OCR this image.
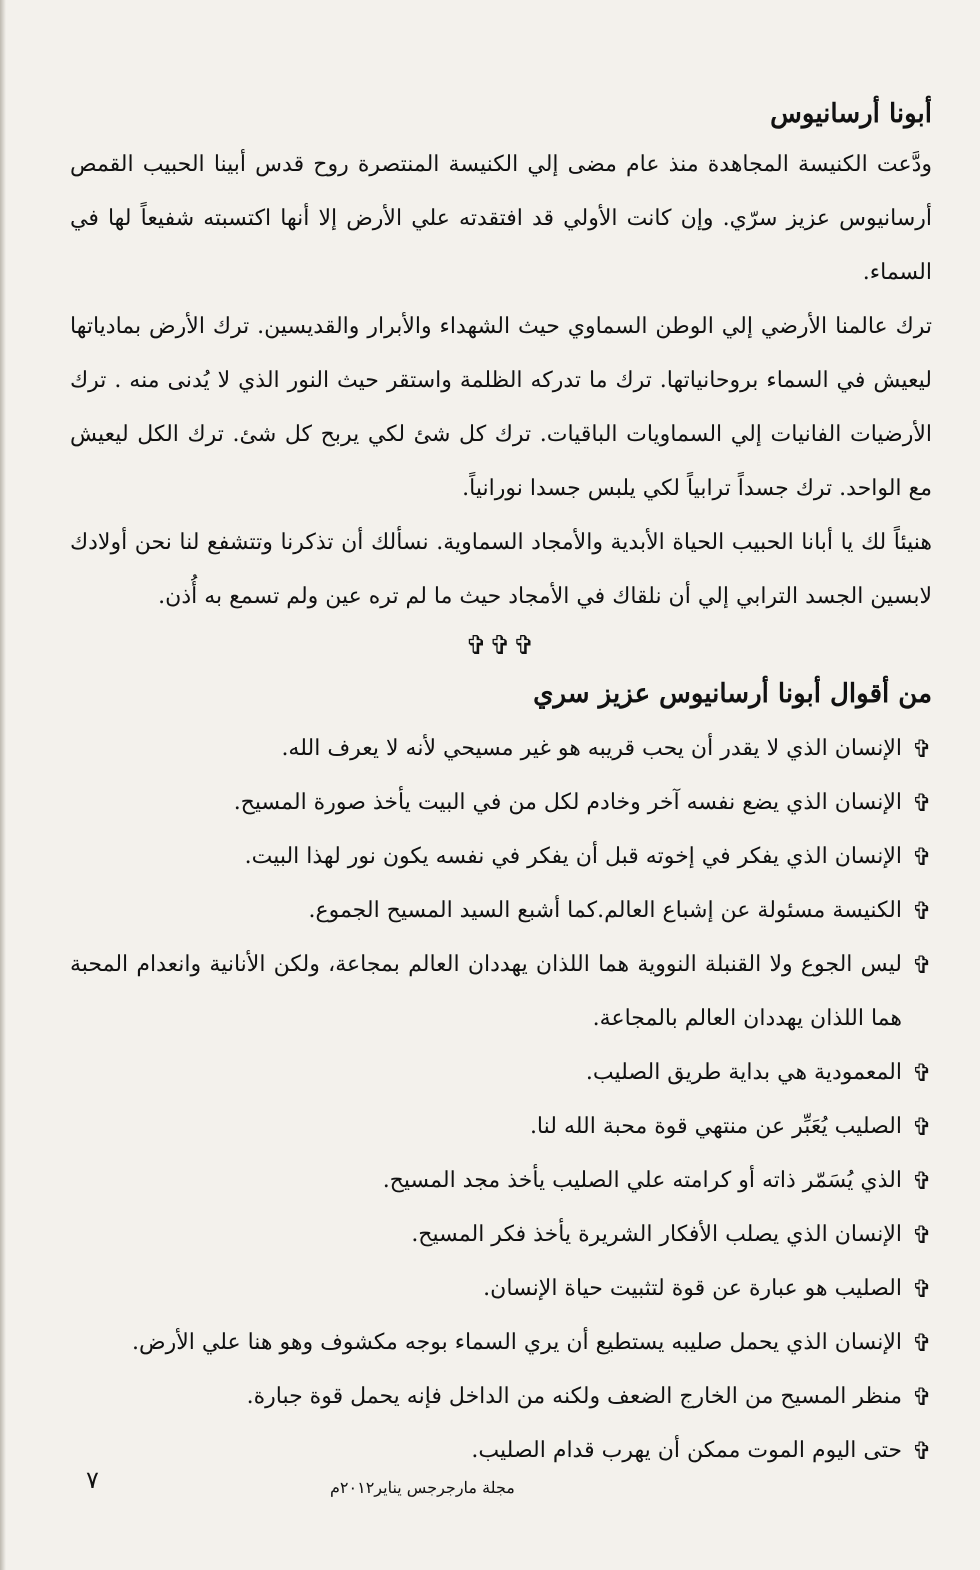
أبونا أرسانيوس

ودَّعت الكنيسة المجاهدة منذ عام مضى إلي الكنيسة المنتصرة روح قدس أبينا الحبيب القمص أرسانيوس عزيز سرّي. وإن كانت الأولي قد افتقدته علي الأرض إلا أنها اكتسبته شفيعاً لها في السماء.

ترك عالمنا الأرضي إلي الوطن السماوي حيث الشهداء والأبرار والقديسين. ترك الأرض بمادياتها ليعيش في السماء بروحانياتها. ترك ما تدركه الظلمة واستقر حيث النور الذي لا يُدنى منه . ترك الأرضيات الفانيات إلي السماويات الباقيات. ترك كل شئ لكي يربح كل شئ. ترك الكل ليعيش مع الواحد. ترك جسداً ترابياً لكي يلبس جسدا نورانياً.

هنيئاً لك يا أبانا الحبيب الحياة الأبدية والأمجاد السماوية. نسألك أن تذكرنا وتتشفع لنا نحن أولادك لابسين الجسد الترابي إلي أن نلقاك في الأمجاد حيث ما لم تره عين ولم تسمع به أُذن.

✞✞✞
من أقوال أبونا أرسانيوس عزيز سري
✞
الإنسان الذي لا يقدر أن يحب قريبه هو غير مسيحي لأنه لا يعرف الله.
✞
الإنسان الذي يضع نفسه آخر وخادم لكل من في البيت يأخذ صورة المسيح.
✞
الإنسان الذي يفكر في إخوته قبل أن يفكر في نفسه يكون نور لهذا البيت.
✞
الكنيسة مسئولة عن إشباع العالم.كما أشبع السيد المسيح الجموع.
✞
ليس الجوع ولا القنبلة النووية هما اللذان يهددان العالم بمجاعة، ولكن الأنانية وانعدام المحبة هما اللذان يهددان العالم بالمجاعة.
✞
المعمودية هي بداية طريق الصليب.
✞
الصليب يُعَبِّر عن منتهي قوة محبة الله لنا.
✞
الذي يُسَمّر ذاته أو كرامته علي الصليب يأخذ مجد المسيح.
✞
الإنسان الذي يصلب الأفكار الشريرة يأخذ فكر المسيح.
✞
الصليب هو عبارة عن قوة لتثبيت حياة الإنسان.
✞
الإنسان الذي يحمل صليبه يستطيع أن يري السماء بوجه مكشوف وهو هنا علي الأرض.
✞
منظر المسيح من الخارج الضعف ولكنه من الداخل فإنه يحمل قوة جبارة.
✞
حتى اليوم الموت ممكن أن يهرب قدام الصليب.
مجلة مارجرجس يناير٢٠١٢م
٧
